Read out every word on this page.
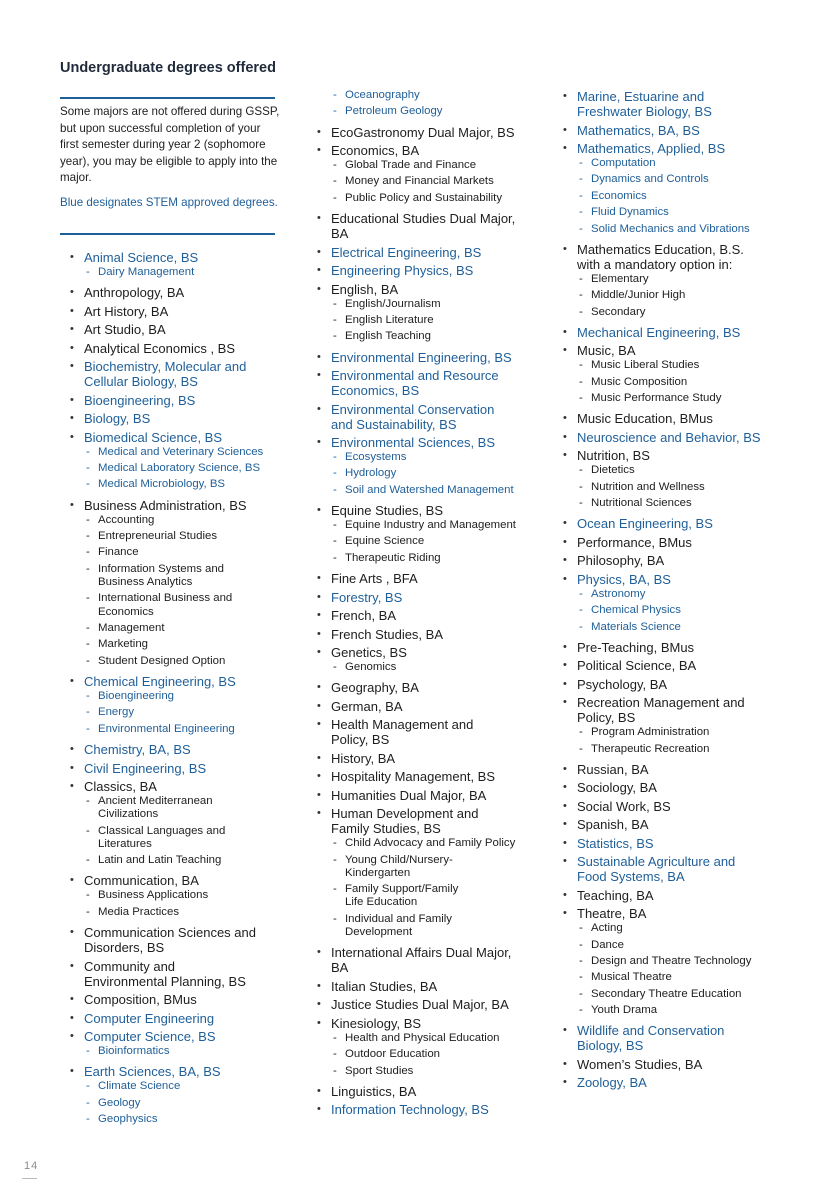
Undergraduate degrees offered

Some majors are not offered during GSSP, but upon successful completion of your first semester during year 2 (sophomore year), you may be eligible to apply into the major.

Blue designates STEM approved degrees.

• Animal Science, BS
- Dairy Management
• Anthropology, BA
• Art History, BA
• Art Studio, BA
• Analytical Economics , BS
• Biochemistry, Molecular and
Cellular Biology, BS
• Bioengineering, BS
• Biology, BS
• Biomedical Science, BS
- Medical and Veterinary Sciences
- Medical Laboratory Science, BS
- Medical Microbiology, BS
• Business Administration, BS
- Accounting
- Entrepreneurial Studies
- Finance
- Information Systems and
Business Analytics
- International Business and
Economics
- Management
- Marketing
- Student Designed Option
• Chemical Engineering, BS
- Bioengineering
- Energy
- Environmental Engineering
• Chemistry, BA, BS
• Civil Engineering, BS
• Classics, BA
- Ancient Mediterranean
Civilizations
- Classical Languages and
Literatures
- Latin and Latin Teaching
• Communication, BA
- Business Applications
- Media Practices
• Communication Sciences and
Disorders, BS
• Community and
Environmental Planning, BS
• Composition, BMus
• Computer Engineering
• Computer Science, BS
- Bioinformatics
• Earth Sciences, BA, BS
- Climate Science
- Geology
- Geophysics
- Oceanography
- Petroleum Geology
• EcoGastronomy Dual Major, BS
• Economics, BA
- Global Trade and Finance
- Money and Financial Markets
- Public Policy and Sustainability
• Educational Studies Dual Major,
BA
• Electrical Engineering, BS
• Engineering Physics, BS
• English, BA
- English/Journalism
- English Literature
- English Teaching
• Environmental Engineering, BS
• Environmental and Resource
Economics, BS
• Environmental Conservation
and Sustainability, BS
• Environmental Sciences, BS
- Ecosystems
- Hydrology
- Soil and Watershed Management
• Equine Studies, BS
- Equine Industry and Management
- Equine Science
- Therapeutic Riding
• Fine Arts , BFA
• Forestry, BS
• French, BA
• French Studies, BA
• Genetics, BS
- Genomics
• Geography, BA
• German, BA
• Health Management and
Policy, BS
• History, BA
• Hospitality Management, BS
• Humanities Dual Major, BA
• Human Development and
Family Studies, BS
- Child Advocacy and Family Policy
- Young Child/Nursery-
Kindergarten
- Family Support/Family
Life Education
- Individual and Family
Development
• International Affairs Dual Major,
BA
• Italian Studies, BA
• Justice Studies Dual Major, BA
• Kinesiology, BS
- Health and Physical Education
- Outdoor Education
- Sport Studies
• Linguistics, BA
• Information Technology, BS
• Marine, Estuarine and
Freshwater Biology, BS
• Mathematics, BA, BS
• Mathematics, Applied, BS
- Computation
- Dynamics and Controls
- Economics
- Fluid Dynamics
- Solid Mechanics and Vibrations
• Mathematics Education, B.S.
with a mandatory option in:
- Elementary
- Middle/Junior High
- Secondary
• Mechanical Engineering, BS
• Music, BA
- Music Liberal Studies
- Music Composition
- Music Performance Study
• Music Education, BMus
• Neuroscience and Behavior, BS
• Nutrition, BS
- Dietetics
- Nutrition and Wellness
- Nutritional Sciences
• Ocean Engineering, BS
• Performance, BMus
• Philosophy, BA
• Physics, BA, BS
- Astronomy
- Chemical Physics
- Materials Science
• Pre-Teaching, BMus
• Political Science, BA
• Psychology, BA
• Recreation Management and
Policy, BS
- Program Administration
- Therapeutic Recreation
• Russian, BA
• Sociology, BA
• Social Work, BS
• Spanish, BA
• Statistics, BS
• Sustainable Agriculture and
Food Systems, BA
• Teaching, BA
• Theatre, BA
- Acting
- Dance
- Design and Theatre Technology
- Musical Theatre
- Secondary Theatre Education
- Youth Drama
• Wildlife and Conservation
Biology, BS
• Women’s Studies, BA
• Zoology, BA
14
